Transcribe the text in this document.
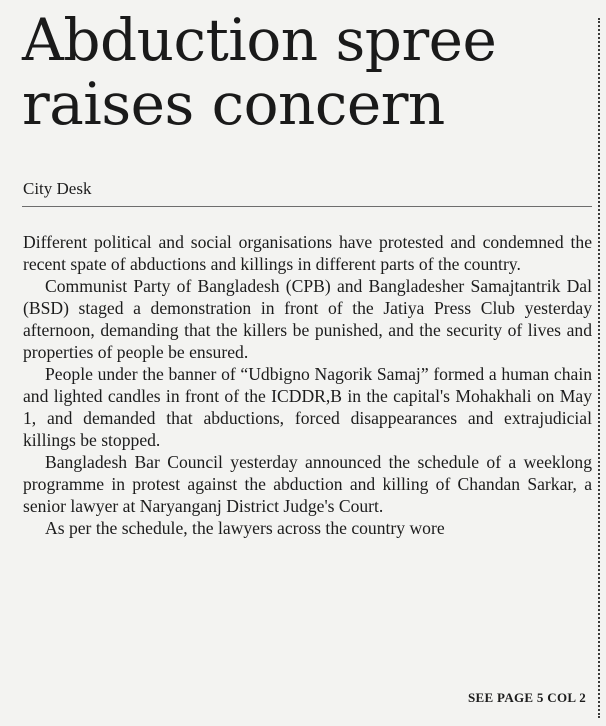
Abduction spree raises concern
City Desk

Different political and social organisations have protested and condemned the recent spate of abductions and killings in different parts of the country.

Communist Party of Bangladesh (CPB) and Bangladesher Samajtantrik Dal (BSD) staged a demonstration in front of the Jatiya Press Club yesterday afternoon, demanding that the killers be punished, and the security of lives and properties of people be ensured.

People under the banner of “Udbigno Nagorik Samaj” formed a human chain and lighted candles in front of the ICDDR,B in the capital's Mohakhali on May 1, and demanded that abductions, forced disappearances and extrajudicial killings be stopped.

Bangladesh Bar Council yesterday announced the schedule of a weeklong programme in protest against the abduction and killing of Chandan Sarkar, a senior lawyer at Naryanganj District Judge's Court.

As per the schedule, the lawyers across the country wore

SEE PAGE 5 COL 2
